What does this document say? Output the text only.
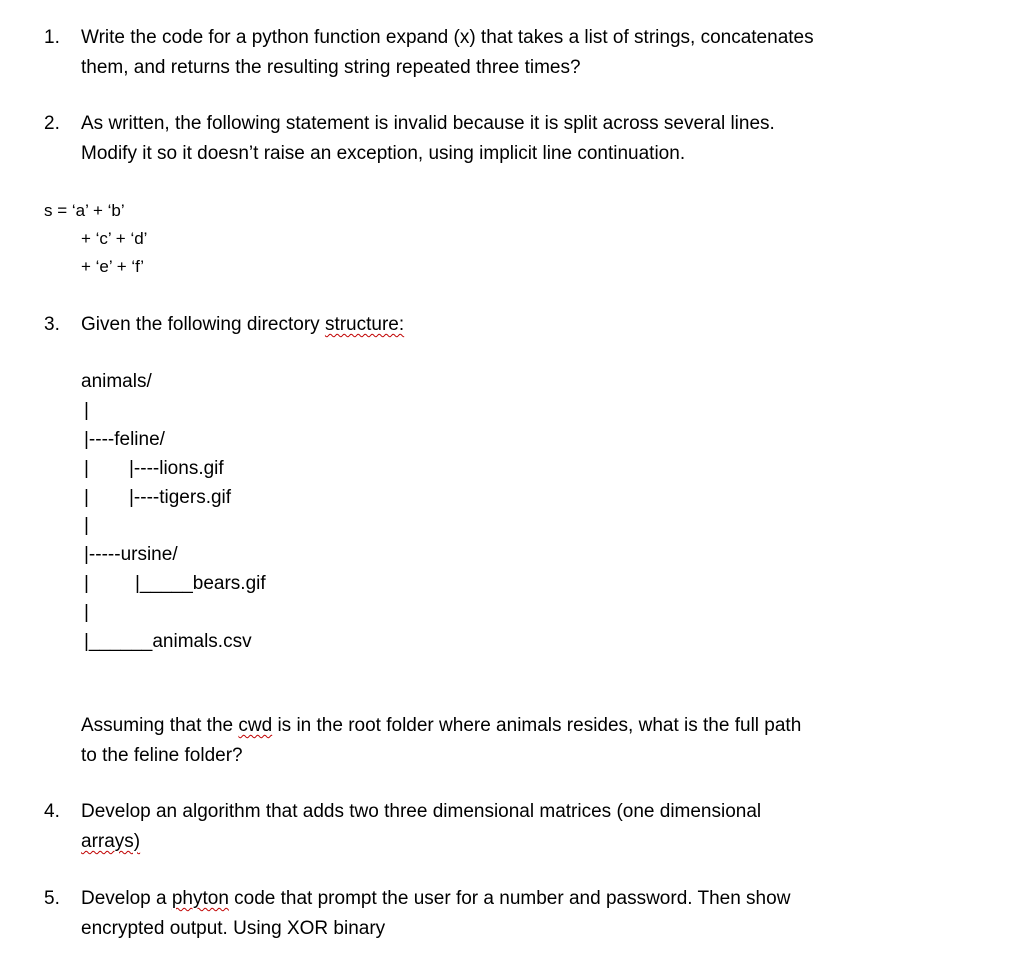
1. Write the code for a python function expand (x) that takes a list of strings, concatenates
them, and returns the resulting string repeated three times?
2. As written, the following statement is invalid because it is split across several lines.
Modify it so it doesn’t raise an exception, using implicit line continuation.
s = ‘a’ + ‘b’
+ ‘c’ + ‘d’
+ ‘e’ + ‘f’
3. Given the following directory structure:
animals/
|
|----feline/
| |----lions.gif
| |----tigers.gif
|
|-----ursine/
| |_____bears.gif
|
|______animals.csv
Assuming that the cwd is in the root folder where animals resides, what is the full path
to the feline folder?
4. Develop an algorithm that adds two three dimensional matrices (one dimensional
arrays)
5. Develop a phyton code that prompt the user for a number and password. Then show
encrypted output. Using XOR binary
